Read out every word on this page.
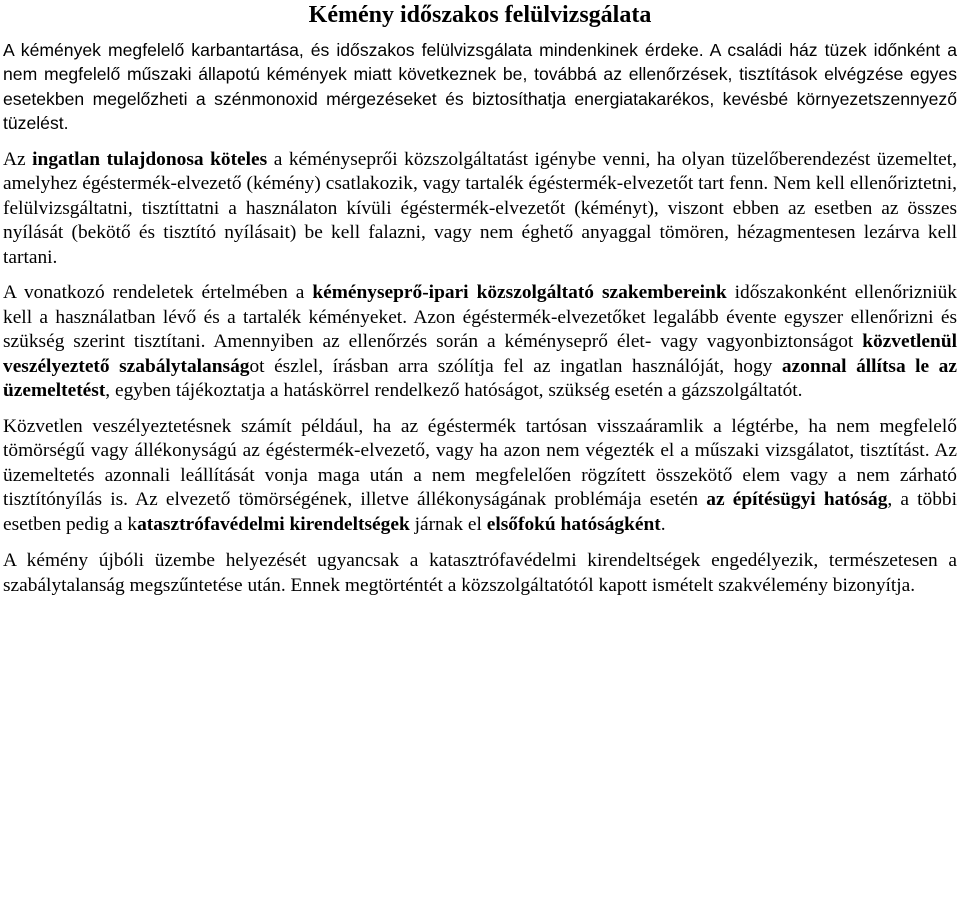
Kémény időszakos felülvizsgálata

A kémények megfelelő karbantartása, és időszakos felülvizsgálata mindenkinek érdeke. A családi ház tüzek időnként a nem megfelelő műszaki állapotú kémények miatt következnek be, továbbá az ellenőrzések, tisztítások elvégzése egyes esetekben megelőzheti a szénmonoxid mérgezéseket és biztosíthatja energiatakarékos, kevésbé környezetszennyező tüzelést.

Az ingatlan tulajdonosa köteles a kéményseprői közszolgáltatást igénybe venni, ha olyan tüzelőberendezést üzemeltet, amelyhez égéstermék-elvezető (kémény) csatlakozik, vagy tartalék égéstermék-elvezetőt tart fenn. Nem kell ellenőriztetni, felülvizsgáltatni, tisztíttatni a használaton kívüli égéstermék-elvezetőt (kéményt), viszont ebben az esetben az összes nyílását (bekötő és tisztító nyílásait) be kell falazni, vagy nem éghető anyaggal tömören, hézagmentesen lezárva kell tartani.

A vonatkozó rendeletek értelmében a kéményseprő-ipari közszolgáltató szakembereink időszakonként ellenőrizniük kell a használatban lévő és a tartalék kéményeket. Azon égéstermék-elvezetőket legalább évente egyszer ellenőrizni és szükség szerint tisztítani. Amennyiben az ellenőrzés során a kéményseprő élet- vagy vagyonbiztonságot közvetlenül veszélyeztető szabálytalanságot észlel, írásban arra szólítja fel az ingatlan használóját, hogy azonnal állítsa le az üzemeltetést, egyben tájékoztatja a hatáskörrel rendelkező hatóságot, szükség esetén a gázszolgáltatót.

Közvetlen veszélyeztetésnek számít például, ha az égéstermék tartósan visszaáramlik a légtérbe, ha nem megfelelő tömörségű vagy állékonyságú az égéstermék-elvezető, vagy ha azon nem végezték el a műszaki vizsgálatot, tisztítást. Az üzemeltetés azonnali leállítását vonja maga után a nem megfelelően rögzített összekötő elem vagy a nem zárható tisztítónyílás is. Az elvezető tömörségének, illetve állékonyságának problémája esetén az építésügyi hatóság, a többi esetben pedig a katasztrófavédelmi kirendeltségek járnak el elsőfokú hatóságként.

A kémény újbóli üzembe helyezését ugyancsak a katasztrófavédelmi kirendeltségek engedélyezik, természetesen a szabálytalanság megszűntetése után. Ennek megtörténtét a közszolgáltatótól kapott ismételt szakvélemény bizonyítja.
